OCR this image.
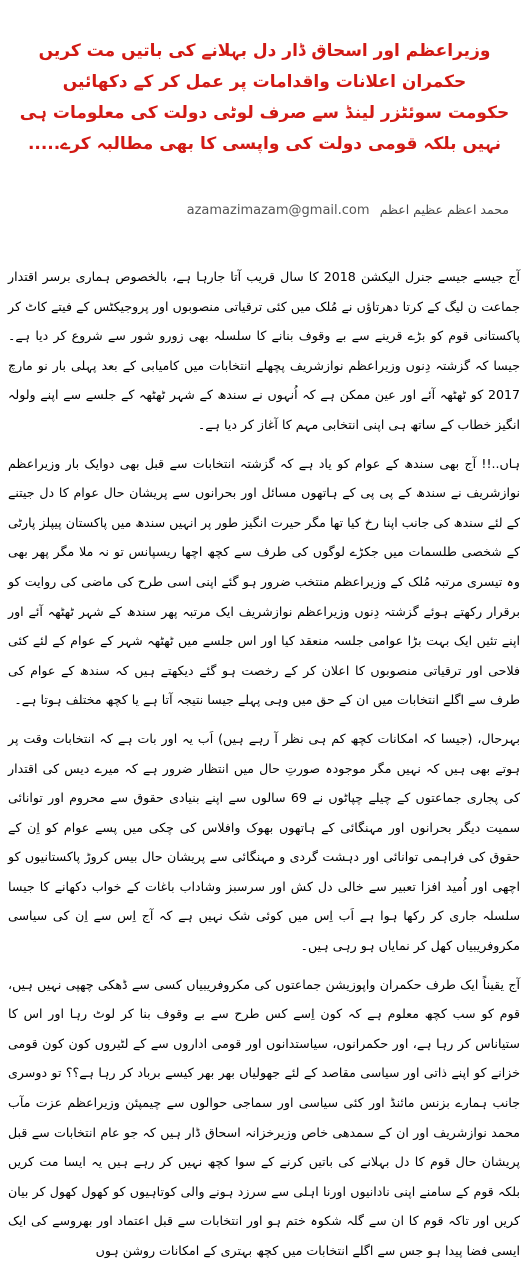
وزیراعظم اور اسحاق ڈار دل بہلانے کی باتیں مت کریں حکمران اعلانات واقدامات پر عمل کر کے دکھائیں
حکومت سوئٹزر لینڈ سے صرف لوٹی دولت کی معلومات ہی نہیں بلکہ قومی دولت کی واپسی کا بھی مطالبہ کرے.....
azamazimazam@gmail.com محمد اعظم عظیم اعظم

آج جیسے جیسے جنرل الیکشن 2018 کا سال قریب آتا جارہا ہے، بالخصوص ہماری برسر اقتدار جماعت ن لیگ کے کرتا دھرتاؤں نے مُلک میں کئی ترقیاتی منصوبوں اور پروجیکٹس کے فیتے کاٹ کر پاکستانی قوم کو بڑے قرینے سے بے وقوف بنانے کا سلسلہ بھی زورو شور سے شروع کر دیا ہے۔ جیسا کہ گزشتہ دِنوں وزیراعظم نوازشریف پچھلے انتخابات میں کامیابی کے بعد پہلی بار نو مارچ 2017 کو ٹھٹھہ آئے اور عین ممکن ہے کہ اُنہوں نے سندھ کے شہر ٹھٹھہ کے جلسے سے اپنے ولولہ انگیز خطاب کے ساتھ ہی اپنی انتخابی مہم کا آغاز کر دیا ہے۔

ہاں..!! آج بھی سندھ کے عوام کو یاد ہے کہ گزشتہ انتخابات سے قبل بھی دوایک بار وزیراعظم نوازشریف نے سندھ کے پی پی کے ہاتھوں مسائل اور بحرانوں سے پریشان حال عوام کا دل جیتنے کے لئے سندھ کی جانب اپنا رخ کیا تھا مگر حیرت انگیز طور پر انہیں سندھ میں پاکستان پیپلز پارٹی کے شخصی طلسمات میں جکڑے لوگوں کی طرف سے کچھ اچھا ریسپانس تو نہ ملا مگر پھر بھی وہ تیسری مرتبہ مُلک کے وزیراعظم منتخب ضرور ہو گئے اپنی اسی طرح کی ماضی کی روایت کو برقرار رکھتے ہوئے گزشتہ دِنوں وزیراعظم نوازشریف ایک مرتبہ پھر سندھ کے شہر ٹھٹھہ آئے اور اپنے تئیں ایک بہت بڑا عوامی جلسہ منعقد کیا اور اس جلسے میں ٹھٹھہ شہر کے عوام کے لئے کئی فلاحی اور ترقیاتی منصوبوں کا اعلان کر کے رخصت ہو گئے دیکھتے ہیں کہ سندھ کے عوام کی طرف سے اگلے انتخابات میں ان کے حق میں وہی پہلے جیسا نتیجہ آتا ہے یا کچھ مختلف ہوتا ہے۔

بہرحال، (جیسا کہ امکانات کچھ کم ہی نظر آ رہے ہیں) اَب یہ اور بات ہے کہ انتخابات وقت پر ہوتے بھی ہیں کہ نہیں مگر موجودہ صورتِ حال میں انتظار ضرور ہے کہ میرے دیس کی اقتدار کی پجاری جماعتوں کے چیلے چپاٹوں نے 69 سالوں سے اپنے بنیادی حقوق سے محروم اور توانائی سمیت دیگر بحرانوں اور مہنگائی کے ہاتھوں بھوک وافلاس کی چکی میں پسے عوام کو اِن کے حقوق کی فراہمی توانائی اور دہشت گردی و مہنگائی سے پریشان حال بیس کروڑ پاکستانیوں کو اچھی اور اُمید افزا تعبیر سے خالی دل کش اور سرسبز وشاداب باغات کے خواب دکھانے کا جیسا سلسلہ جاری کر رکھا ہوا ہے اَب اِس میں کوئی شک نہیں ہے کہ آج اِس سے اِن کی سیاسی مکروفریبیاں کھل کر نمایاں ہو رہی ہیں۔

آج یقیناً ایک طرف حکمران واپوزیشن جماعتوں کی مکروفریبیاں کسی سے ڈھکی چھپی نہیں ہیں، قوم کو سب کچھ معلوم ہے کہ کون اِسے کس طرح سے بے وقوف بنا کر لوٹ رہا اور اس کا ستیاناس کر رہا ہے، اور حکمرانوں، سیاستدانوں اور قومی اداروں سے کے لٹیروں کون کون قومی خزانے کو اپنے ذاتی اور سیاسی مقاصد کے لئے جھولیاں بھر بھر کیسے برباد کر رہا ہے؟؟ تو دوسری جانب ہمارے بزنس مائنڈ اور کئی سیاسی اور سماجی حوالوں سے چیمپئن وزیراعظم عزت مآب محمد نوازشریف اور ان کے سمدھی خاص وزیرخزانہ اسحاق ڈار ہیں کہ جو عام انتخابات سے قبل پریشان حال قوم کا دل بہلانے کی باتیں کرنے کے سوا کچھ نہیں کر رہے ہیں یہ ایسا مت کریں بلکہ قوم کے سامنے اپنی نادانیوں اورنا اہلی سے سرزد ہونے والی کوتاہیوں کو کھول کھول کر بیان کریں اور تاکہ قوم کا ان سے گلہ شکوہ ختم ہو اور انتخابات سے قبل اعتماد اور بھروسے کی ایک ایسی فضا پیدا ہو جس سے اگلے انتخابات میں کچھ بہتری کے امکانات روشن ہوں
